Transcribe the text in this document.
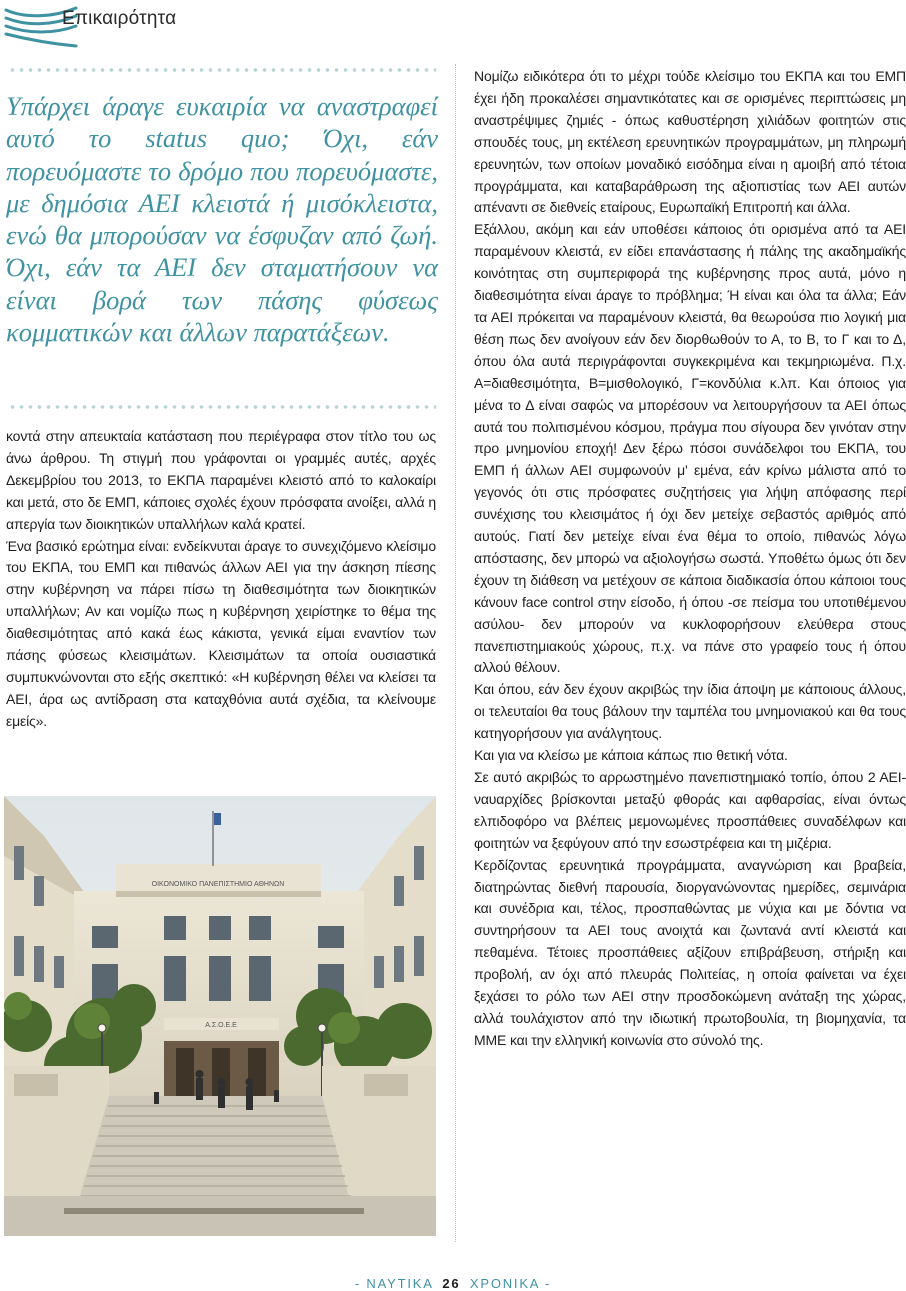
Επικαιρότητα

Υπάρχει άραγε ευκαιρία να αναστραφεί αυτό το status quo; Όχι, εάν πορευόμαστε το δρόμο που πορευόμαστε, με δημόσια ΑΕΙ κλειστά ή μισόκλειστα, ενώ θα μπορούσαν να έσφυζαν από ζωή. Όχι, εάν τα ΑΕΙ δεν σταματήσουν να είναι βορά των πάσης φύσεως κομματικών και άλλων παρατάξεων.

κοντά στην απευκταία κατάσταση που περιέγραφα στον τίτλο του ως άνω άρθρου. Τη στιγμή που γράφονται οι γραμμές αυτές, αρχές Δεκεμβρίου του 2013, το ΕΚΠΑ παραμένει κλειστό από το καλοκαίρι και μετά, στο δε ΕΜΠ, κάποιες σχολές έχουν πρόσφατα ανοίξει, αλλά η απεργία των διοικητικών υπαλλήλων καλά κρατεί.

Ένα βασικό ερώτημα είναι: ενδείκνυται άραγε το συνεχιζόμενο κλείσιμο του ΕΚΠΑ, του ΕΜΠ και πιθανώς άλλων ΑΕΙ για την άσκηση πίεσης στην κυβέρνηση να πάρει πίσω τη διαθεσιμότητα των διοικητικών υπαλλήλων; Αν και νομίζω πως η κυβέρνηση χειρίστηκε το θέμα της διαθεσιμότητας από κακά έως κάκιστα, γενικά είμαι εναντίον των πάσης φύσεως κλεισιμάτων. Κλεισιμάτων τα οποία ουσιαστικά συμπυκνώνονται στο εξής σκεπτικό: «Η κυβέρνηση θέλει να κλείσει τα ΑΕΙ, άρα ως αντίδραση στα καταχθόνια αυτά σχέδια, τα κλείνουμε εμείς».

ΟΙΚΟΝΟΜΙΚΟ ΠΑΝΕΠΙΣΤΗΜΙΟ ΑΘΗΝΩΝ
Α.Σ.Ο.Ε.Ε

Νομίζω ειδικότερα ότι το μέχρι τούδε κλείσιμο του ΕΚΠΑ και του ΕΜΠ έχει ήδη προκαλέσει σημαντικότατες και σε ορισμένες περιπτώσεις μη αναστρέψιμες ζημιές - όπως καθυστέρηση χιλιάδων φοιτητών στις σπουδές τους, μη εκτέλεση ερευνητικών προγραμμάτων, μη πληρωμή ερευνητών, των οποίων μοναδικό εισόδημα είναι η αμοιβή από τέτοια προγράμματα, και καταβαράθρωση της αξιοπιστίας των ΑΕΙ αυτών απέναντι σε διεθνείς εταίρους, Ευρωπαϊκή Επιτροπή και άλλα.

Εξάλλου, ακόμη και εάν υποθέσει κάποιος ότι ορισμένα από τα ΑΕΙ παραμένουν κλειστά, εν είδει επανάστασης ή πάλης της ακαδημαϊκής κοινότητας στη συμπεριφορά της κυβέρνησης προς αυτά, μόνο η διαθεσιμότητα είναι άραγε το πρόβλημα; Ή είναι και όλα τα άλλα; Εάν τα ΑΕΙ πρόκειται να παραμένουν κλειστά, θα θεωρούσα πιο λογική μια θέση πως δεν ανοίγουν εάν δεν διορθωθούν το Α, το Β, το Γ και το Δ, όπου όλα αυτά περιγράφονται συγκεκριμένα και τεκμηριωμένα. Π.χ. Α=διαθεσιμότητα, Β=μισθολογικό, Γ=κονδύλια κ.λπ. Και όποιος για μένα το Δ είναι σαφώς να μπορέσουν να λειτουργήσουν τα ΑΕΙ όπως αυτά του πολιτισμένου κόσμου, πράγμα που σίγουρα δεν γινόταν στην προ μνημονίου εποχή! Δεν ξέρω πόσοι συνάδελφοι του ΕΚΠΑ, του ΕΜΠ ή άλλων ΑΕΙ συμφωνούν μ' εμένα, εάν κρίνω μάλιστα από το γεγονός ότι στις πρόσφατες συζητήσεις για λήψη απόφασης περί συνέχισης του κλεισιμάτος ή όχι δεν μετείχε σεβαστός αριθμός από αυτούς. Γιατί δεν μετείχε είναι ένα θέμα το οποίο, πιθανώς λόγω απόστασης, δεν μπορώ να αξιολογήσω σωστά. Υποθέτω όμως ότι δεν έχουν τη διάθεση να μετέχουν σε κάποια διαδικασία όπου κάποιοι τους κάνουν face control στην είσοδο, ή όπου -σε πείσμα του υποτιθέμενου ασύλου- δεν μπορούν να κυκλοφορήσουν ελεύθερα στους πανεπιστημιακούς χώρους, π.χ. να πάνε στο γραφείο τους ή όπου αλλού θέλουν.

Και όπου, εάν δεν έχουν ακριβώς την ίδια άποψη με κάποιους άλλους, οι τελευταίοι θα τους βάλουν την ταμπέλα του μνημονιακού και θα τους κατηγορήσουν για ανάλγητους.

Και για να κλείσω με κάποια κάπως πιο θετική νότα.

Σε αυτό ακριβώς το αρρωστημένο πανεπιστημιακό τοπίο, όπου 2 ΑΕΙ-ναυαρχίδες βρίσκονται μεταξύ φθοράς και αφθαρσίας, είναι όντως ελπιδοφόρο να βλέπεις μεμονωμένες προσπάθειες συναδέλφων και φοιτητών να ξεφύγουν από την εσωστρέφεια και τη μιζέρια.

Κερδίζοντας ερευνητικά προγράμματα, αναγνώριση και βραβεία, διατηρώντας διεθνή παρουσία, διοργανώνοντας ημερίδες, σεμινάρια και συνέδρια και, τέλος, προσπαθώντας με νύχια και με δόντια να συντηρήσουν τα ΑΕΙ τους ανοιχτά και ζωντανά αντί κλειστά και πεθαμένα. Τέτοιες προσπάθειες αξίζουν επιβράβευση, στήριξη και προβολή, αν όχι από πλευράς Πολιτείας, η οποία φαίνεται να έχει ξεχάσει το ρόλο των ΑΕΙ στην προσδοκώμενη ανάταξη της χώρας, αλλά τουλάχιστον από την ιδιωτική πρωτοβουλία, τη βιομηχανία, τα ΜΜΕ και την ελληνική κοινωνία στο σύνολό της.

- ΝΑΥΤΙΚΑ 26 ΧΡΟΝΙΚΑ -
